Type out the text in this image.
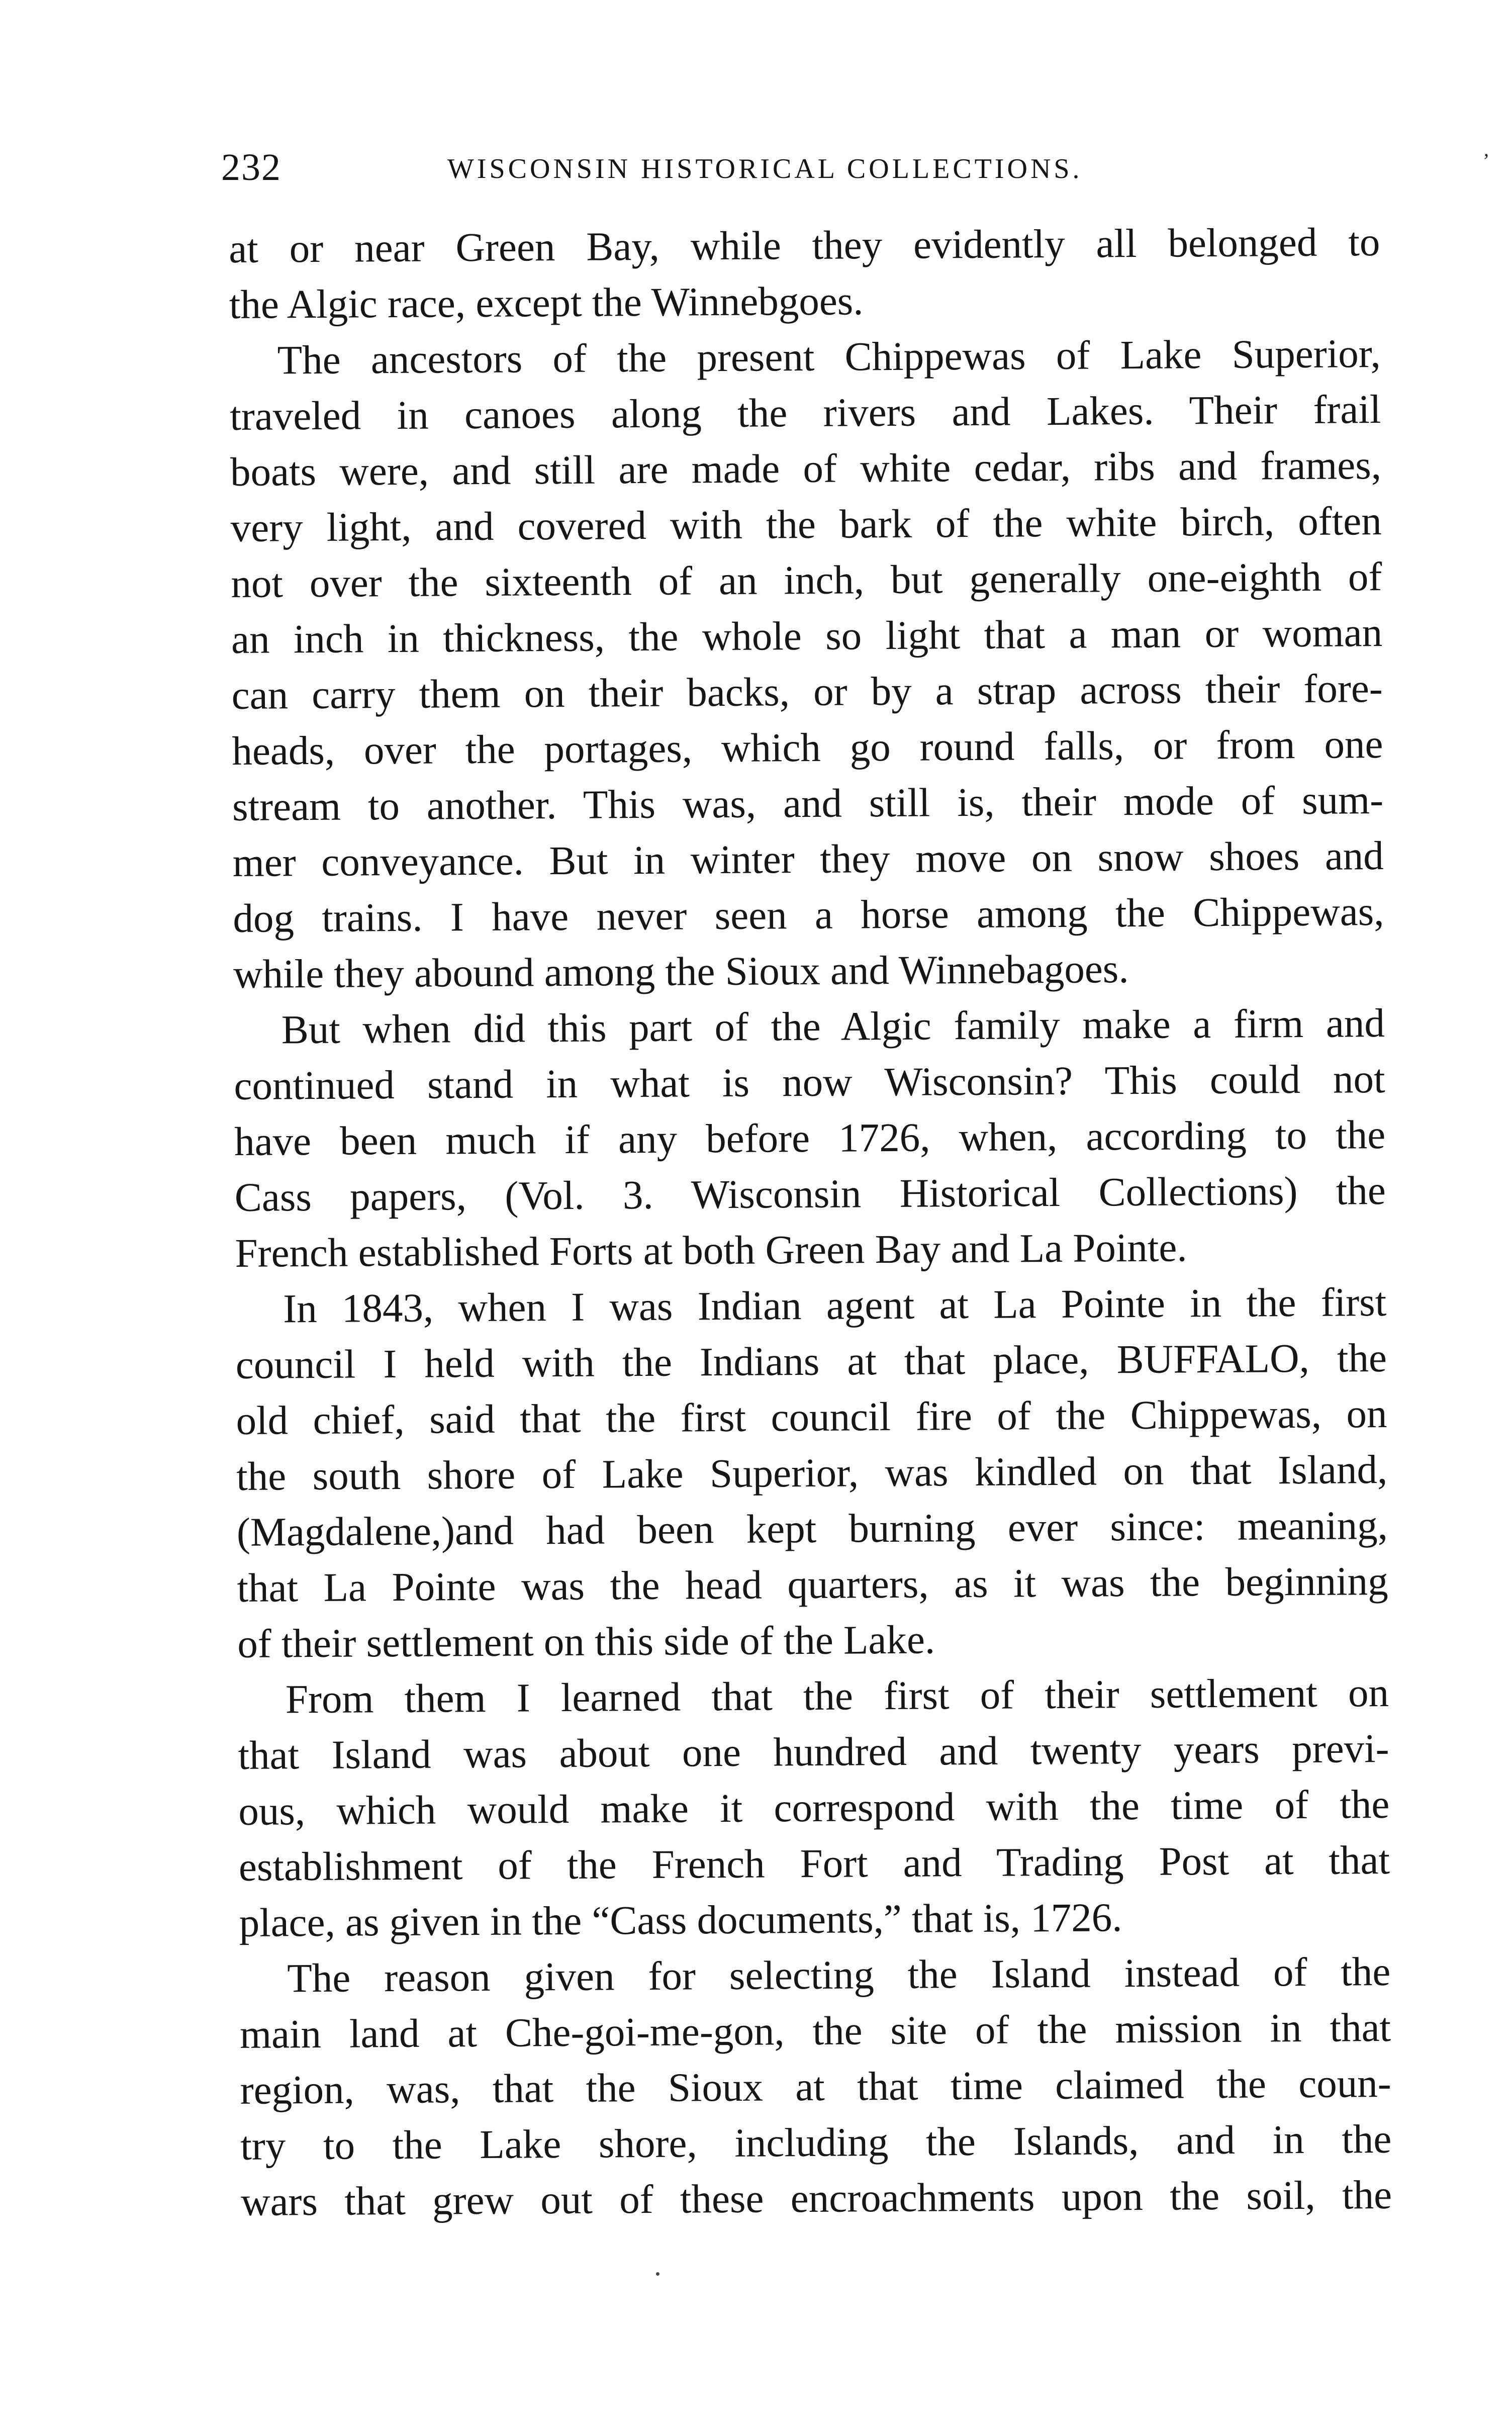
232	WISCONSIN HISTORICAL COLLECTIONS.	’
at or near Green Bay, while they evidently all belonged to
the Algic race, except the Winnebgoes.
The ancestors of the present Chippewas of Lake Superior,
traveled in canoes along the rivers and Lakes. Their frail
boats were, and still are made of white cedar, ribs and frames,
very light, and covered with the bark of the white birch, often
not over the sixteenth of an inch, but generally one-eighth of
an inch in thickness, the whole so light that a man or woman
can carry them on their backs, or by a strap across their fore-
heads, over the portages, which go round falls, or from one
stream to another. This was, and still is, their mode of sum-
mer conveyance. But in winter they move on snow shoes and
dog trains. I have never seen a horse among the Chippewas,
while they abound among the Sioux and Winnebagoes.
But when did this part of the Algic family make a firm and
continued stand in what is now Wisconsin? This could not
have been much if any before 1726, when, according to the
Cass papers, (Vol. 3. Wisconsin Historical Collections) the
French established Forts at both Green Bay and La Pointe.
In 1843, when I was Indian agent at La Pointe in the first
council I held with the Indians at that place, BUFFALO, the
old chief, said that the first council fire of the Chippewas, on
the south shore of Lake Superior, was kindled on that Island,
(Magdalene,)and had been kept burning ever since: meaning,
that La Pointe was the head quarters, as it was the beginning
of their settlement on this side of the Lake.
From them I learned that the first of their settlement on
that Island was about one hundred and twenty years previ-
ous, which would make it correspond with the time of the
establishment of the French Fort and Trading Post at that
place, as given in the “Cass documents,” that is, 1726.
The reason given for selecting the Island instead of the
main land at Che-goi-me-gon, the site of the mission in that
region, was, that the Sioux at that time claimed the coun-
try to the Lake shore, including the Islands, and in the
wars that grew out of these encroachments upon the soil, the
